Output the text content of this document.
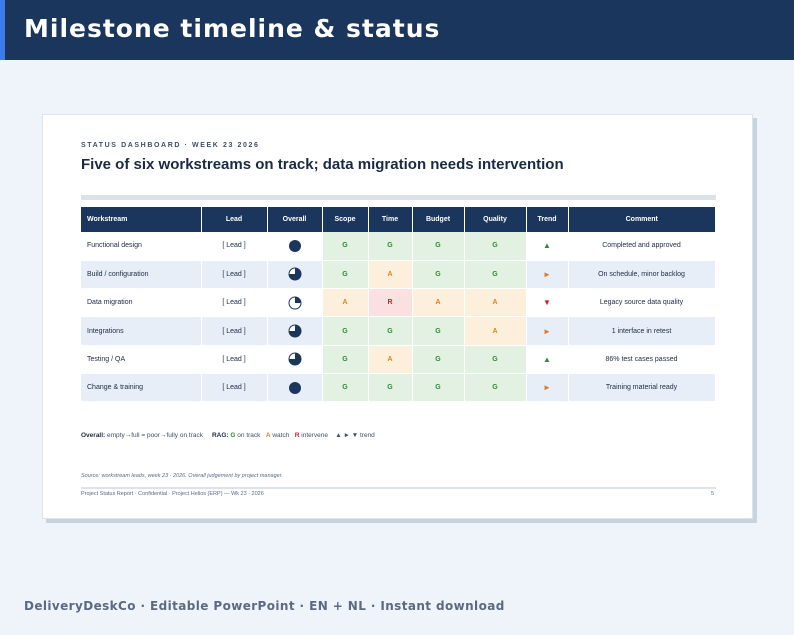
Milestone timeline & status
STATUS DASHBOARD · WEEK 23 2026
Five of six workstreams on track; data migration needs intervention
Workstream	Lead	Overall	Scope	Time	Budget	Quality	Trend	Comment
Functional design	[ Lead ]		G	G	G	G	▲	Completed and approved
Build / configuration	[ Lead ]		G	A	G	G	►	On schedule, minor backlog
Data migration	[ Lead ]		A	R	A	A	▼	Legacy source data quality
Integrations	[ Lead ]		G	G	G	A	►	1 interface in retest
Testing / QA	[ Lead ]		G	A	G	G	▲	86% test cases passed
Change & training	[ Lead ]		G	G	G	G	►	Training material ready
Overall: empty→full = poor→fully on track RAG: G on track A watch R intervene ▲ ► ▼ trend
Source: workstream leads, week 23 · 2026. Overall judgement by project manager.
Project Status Report · Confidential · Project Helios (ERP) — Wk 23 · 2026	5
DeliveryDeskCo · Editable PowerPoint · EN + NL · Instant download
